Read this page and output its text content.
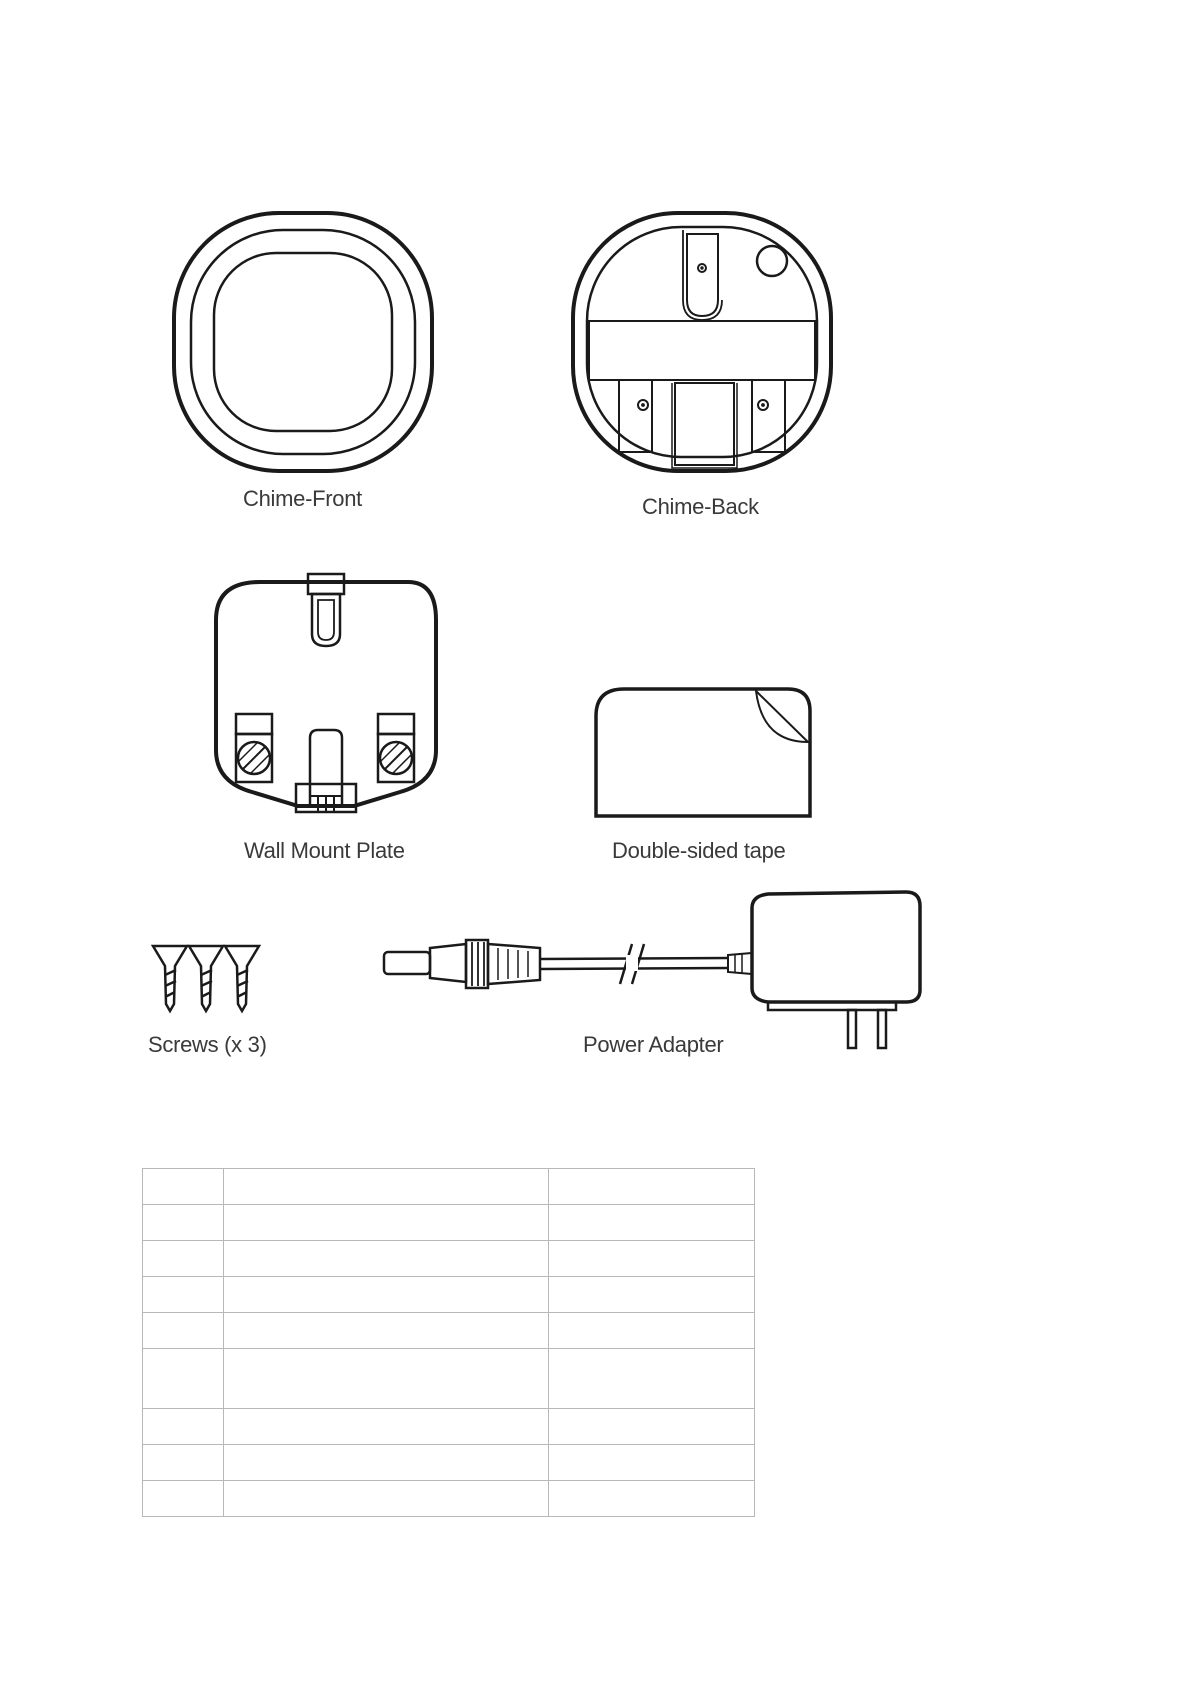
Chime-Front	Chime-Back
Wall Mount Plate	Double-sided tape
Screws (x 3)	Power Adapter
